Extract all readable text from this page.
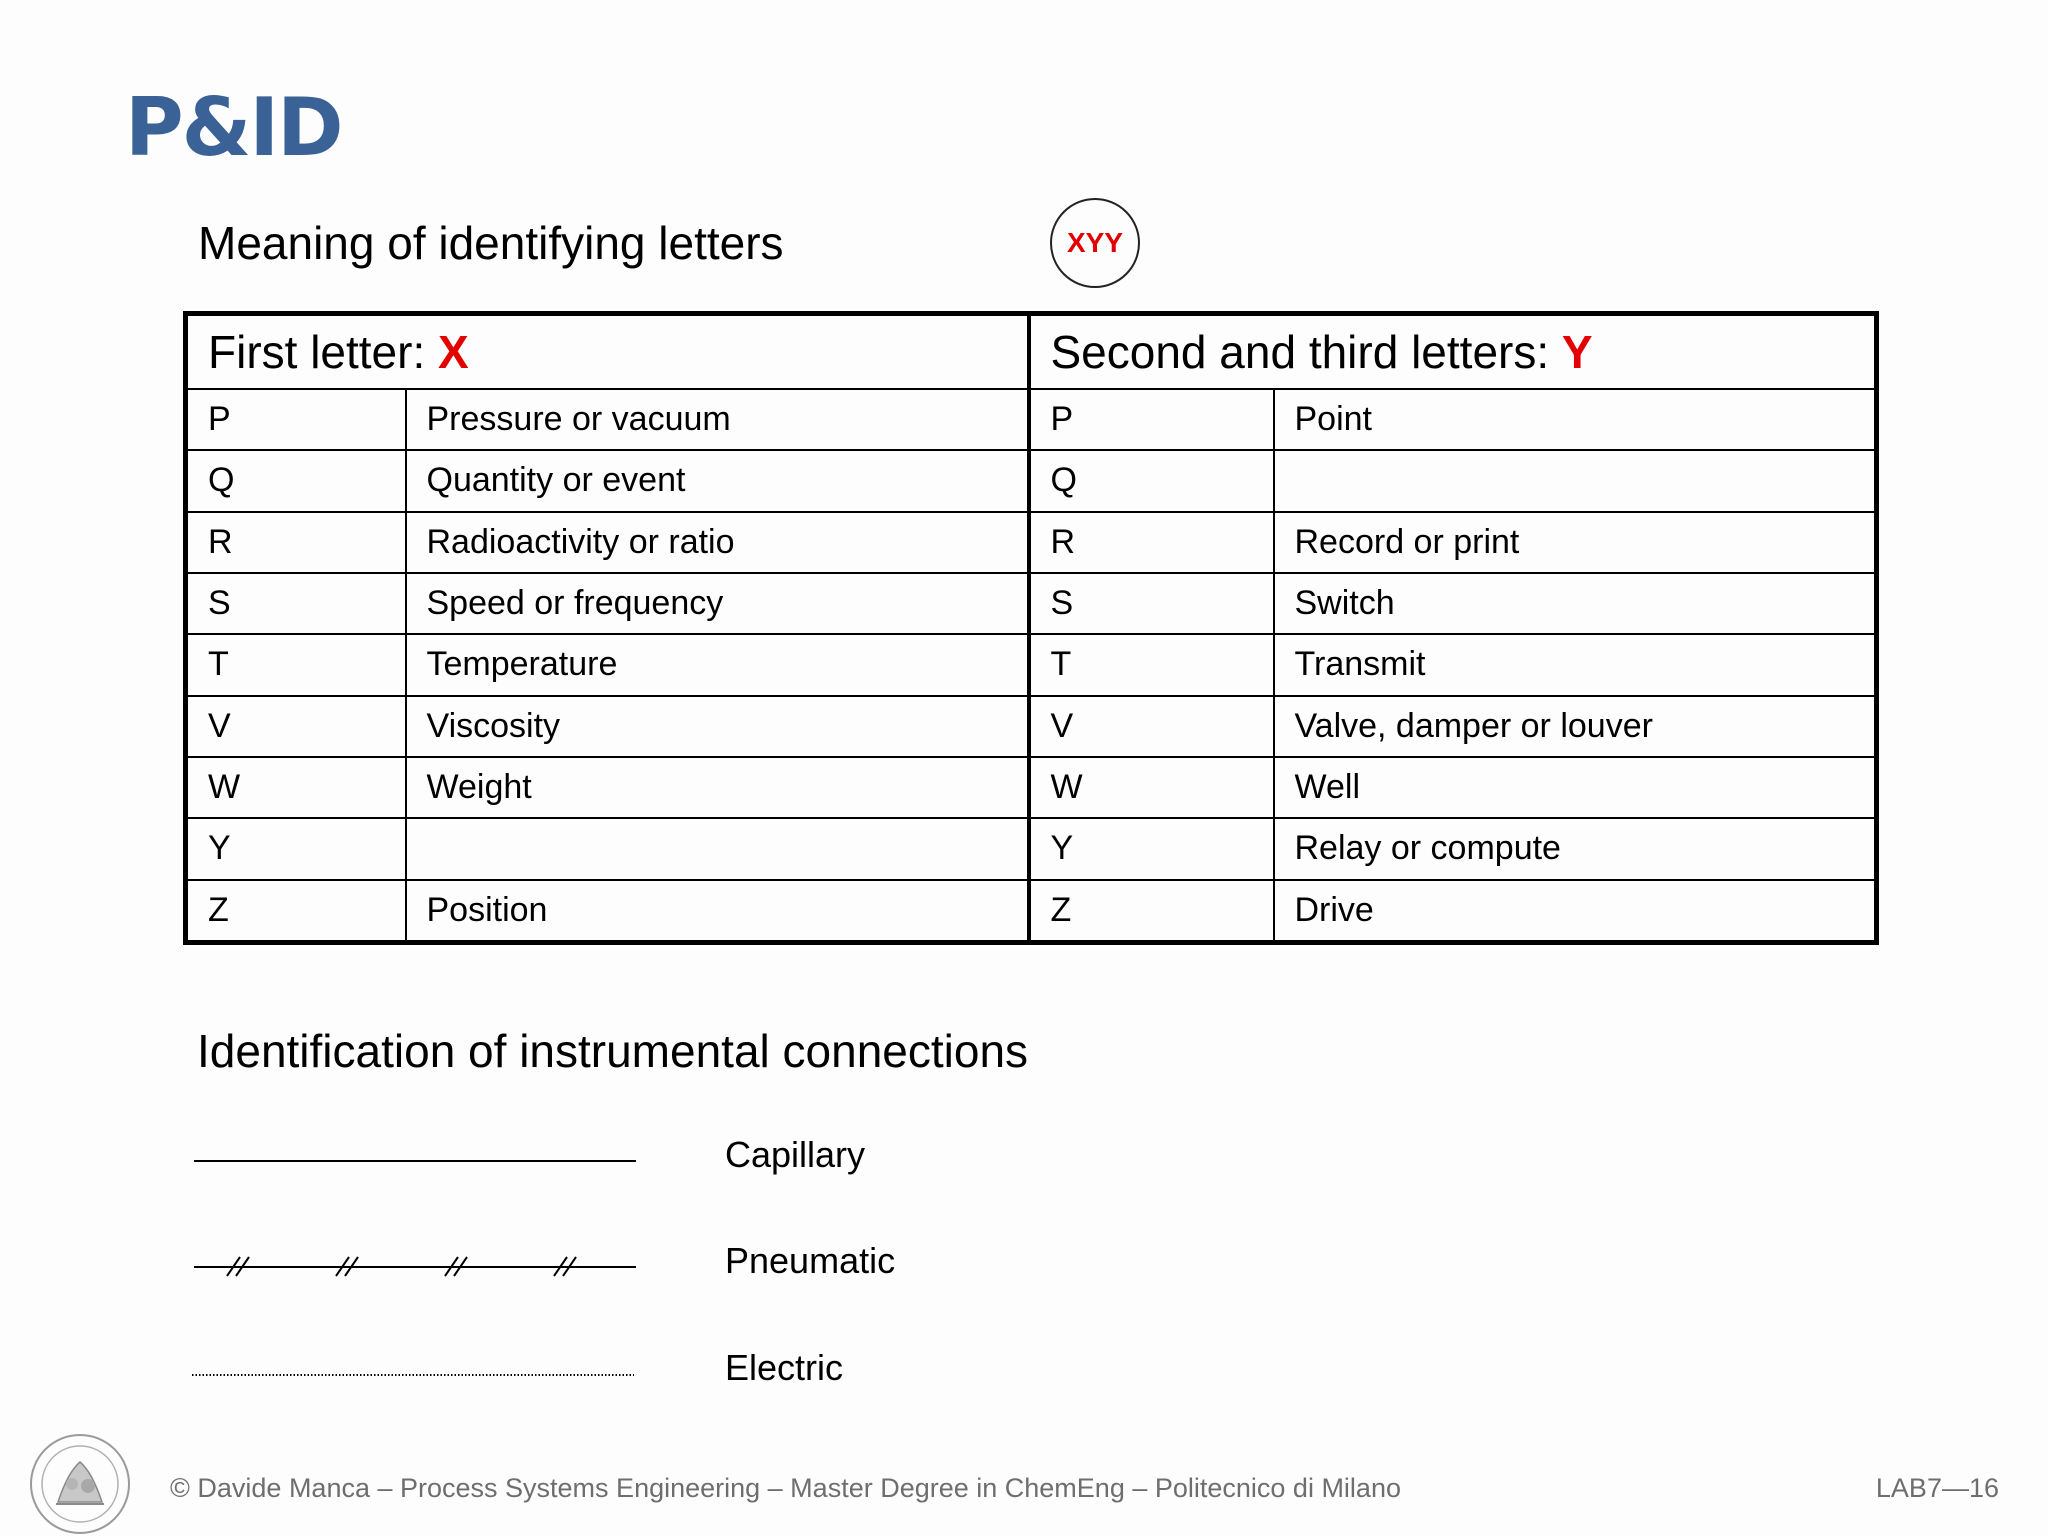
P&ID
Meaning of identifying letters	XYY
First letter: X		Second and third letters: Y	
P	Pressure or vacuum	P	Point
Q	Quantity or event	Q	
R	Radioactivity or ratio	R	Record or print
S	Speed or frequency	S	Switch
T	Temperature	T	Transmit
V	Viscosity	V	Valve, damper or louver
W	Weight	W	Well
Y		Y	Relay or compute
Z	Position	Z	Drive
Identification of instrumental connections
Capillary
Pneumatic
Electric
© Davide Manca – Process Systems Engineering – Master Degree in ChemEng – Politecnico di Milano	LAB7—16
